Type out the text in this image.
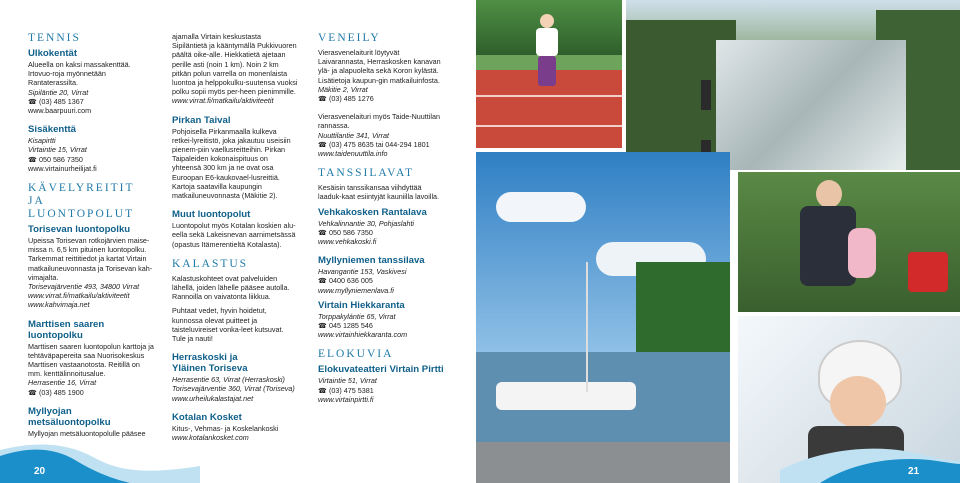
TENNIS
Ulkokentät

Alueella on kaksi massakenttää. Irtovuo-roja myönnetään Rantaterassilta.

Sipiläntie 20, Virrat

☎ (03) 485 1367

www.baarpuuri.com

Sisäkenttä

Kisapirtti

Virtaintie 15, Virrat

☎ 050 586 7350

www.virtainurheilijat.fi

KÄVELYREITIT JA
LUONTOPOLUT
Torisevan luontopolku

Upeissa Torisevan rotkojärvien maise-missa n. 6,5 km pituinen luontopolku. Tarkemmat reittitiedot ja kartat Virtain matkailuneuvonnasta ja Torisevan kah-vimajalta.

Torisevajärventie 493, 34800 Virrat

www.virrat.fi/matkailu/aktiviteetit

www.kahvimaja.net

Marttisen saaren
luontopolku

Marttisen saaren luontopolun karttoja ja tehtäväpapereita saa Nuorisokeskus Marttisen vastaanotosta. Reitillä on mm. kenttälinnoitusalue.

Herrasentie 16, Virrat

☎ (03) 485 1900

Myllyojan
metsäluontopolku

Myllyojan metsäluontopolulle pääsee

ajamalla Virtain keskustasta Sipiläntietä ja kääntymällä Pukkivuoren päältä oike-alle. Hiekkatietä ajetaan perille asti (noin 1 km). Noin 2 km pitkän polun varrella on monenlaista luontoa ja helppokulku-suutensa vuoksi polku sopii myös per-heen pienimmille.

www.virrat.fi/matkailu/aktiviteetit

Pirkan Taival

Pohjoisella Pirkanmaalla kulkeva retkei-lyreitistö, joka jakautuu useisiin pienem-piin vaellusreitteihin. Pirkan Taipaleiden kokonaispituus on yhteensä 300 km ja ne ovat osa Euroopan E6-kaukovael-lusreittiä. Kartoja saatavilla kaupungin matkailuneuvonnasta (Mäkitie 2).

Muut luontopolut

Luontopolut myös Kotalan koskien alu-eella sekä Lakeisnevan aarnimetsässä (opastus Itämerentieltä Kotalasta).

KALASTUS

Kalastuskohteet ovat palveluiden lähellä, joiden lähelle pääsee autolla. Rannoilla on vaivatonta liikkua.

Puhtaat vedet, hyvin hoidetut, kunnossa olevat puitteet ja taisteluvireiset vonka-leet kutsuvat. Tule ja nauti!

Herraskoski ja
Yläinen Toriseva

Herrasentie 63, Virrat (Herraskoski)

Torisevajärventie 360, Virrat (Toriseva)

www.urheilukalastajat.net

Kotalan Kosket

Kitus-, Vehmas- ja Koskelankoski

www.kotalankosket.com

VENEILY

Vierasvenelaiturit löytyvät Laivarannasta, Herraskosken kanavan ylä- ja alapuolelta sekä Koron kylästä. Lisätietoja kaupun-gin matkailuinfosta.

Mäkitie 2, Virrat

☎ (03) 485 1276

Vierasvenelaituri myös Taide-Nuuttilan rannassa.

Nuuttilantie 341, Virrat

☎ (03) 475 8635 tai 044-294 1801

www.taidenuuttila.info

TANSSILAVAT

Kesäisin tanssikansaa viihdyttää laaduk-kaat esiintyjät kauniilla lavoilla.

Vehkakosken Rantalava

Vehkalinnantie 30, Pohjaslahti

☎ 050 586 7350

www.vehkakoski.fi

Myllyniemen tanssilava

Havangantie 153, Vaskivesi

☎ 0400 636 005

www.myllyniemenlava.fi

Virtain Hiekkaranta

Torppakylántie 65, Virrat

☎ 045 1285 546

www.virtainhiekkaranta.com

ELOKUVIA
Elokuvateatteri Virtain Pirtti

Virtaintie 51, Virrat

☎ (03) 475 5381

www.virtainpirtti.fi

20	21
